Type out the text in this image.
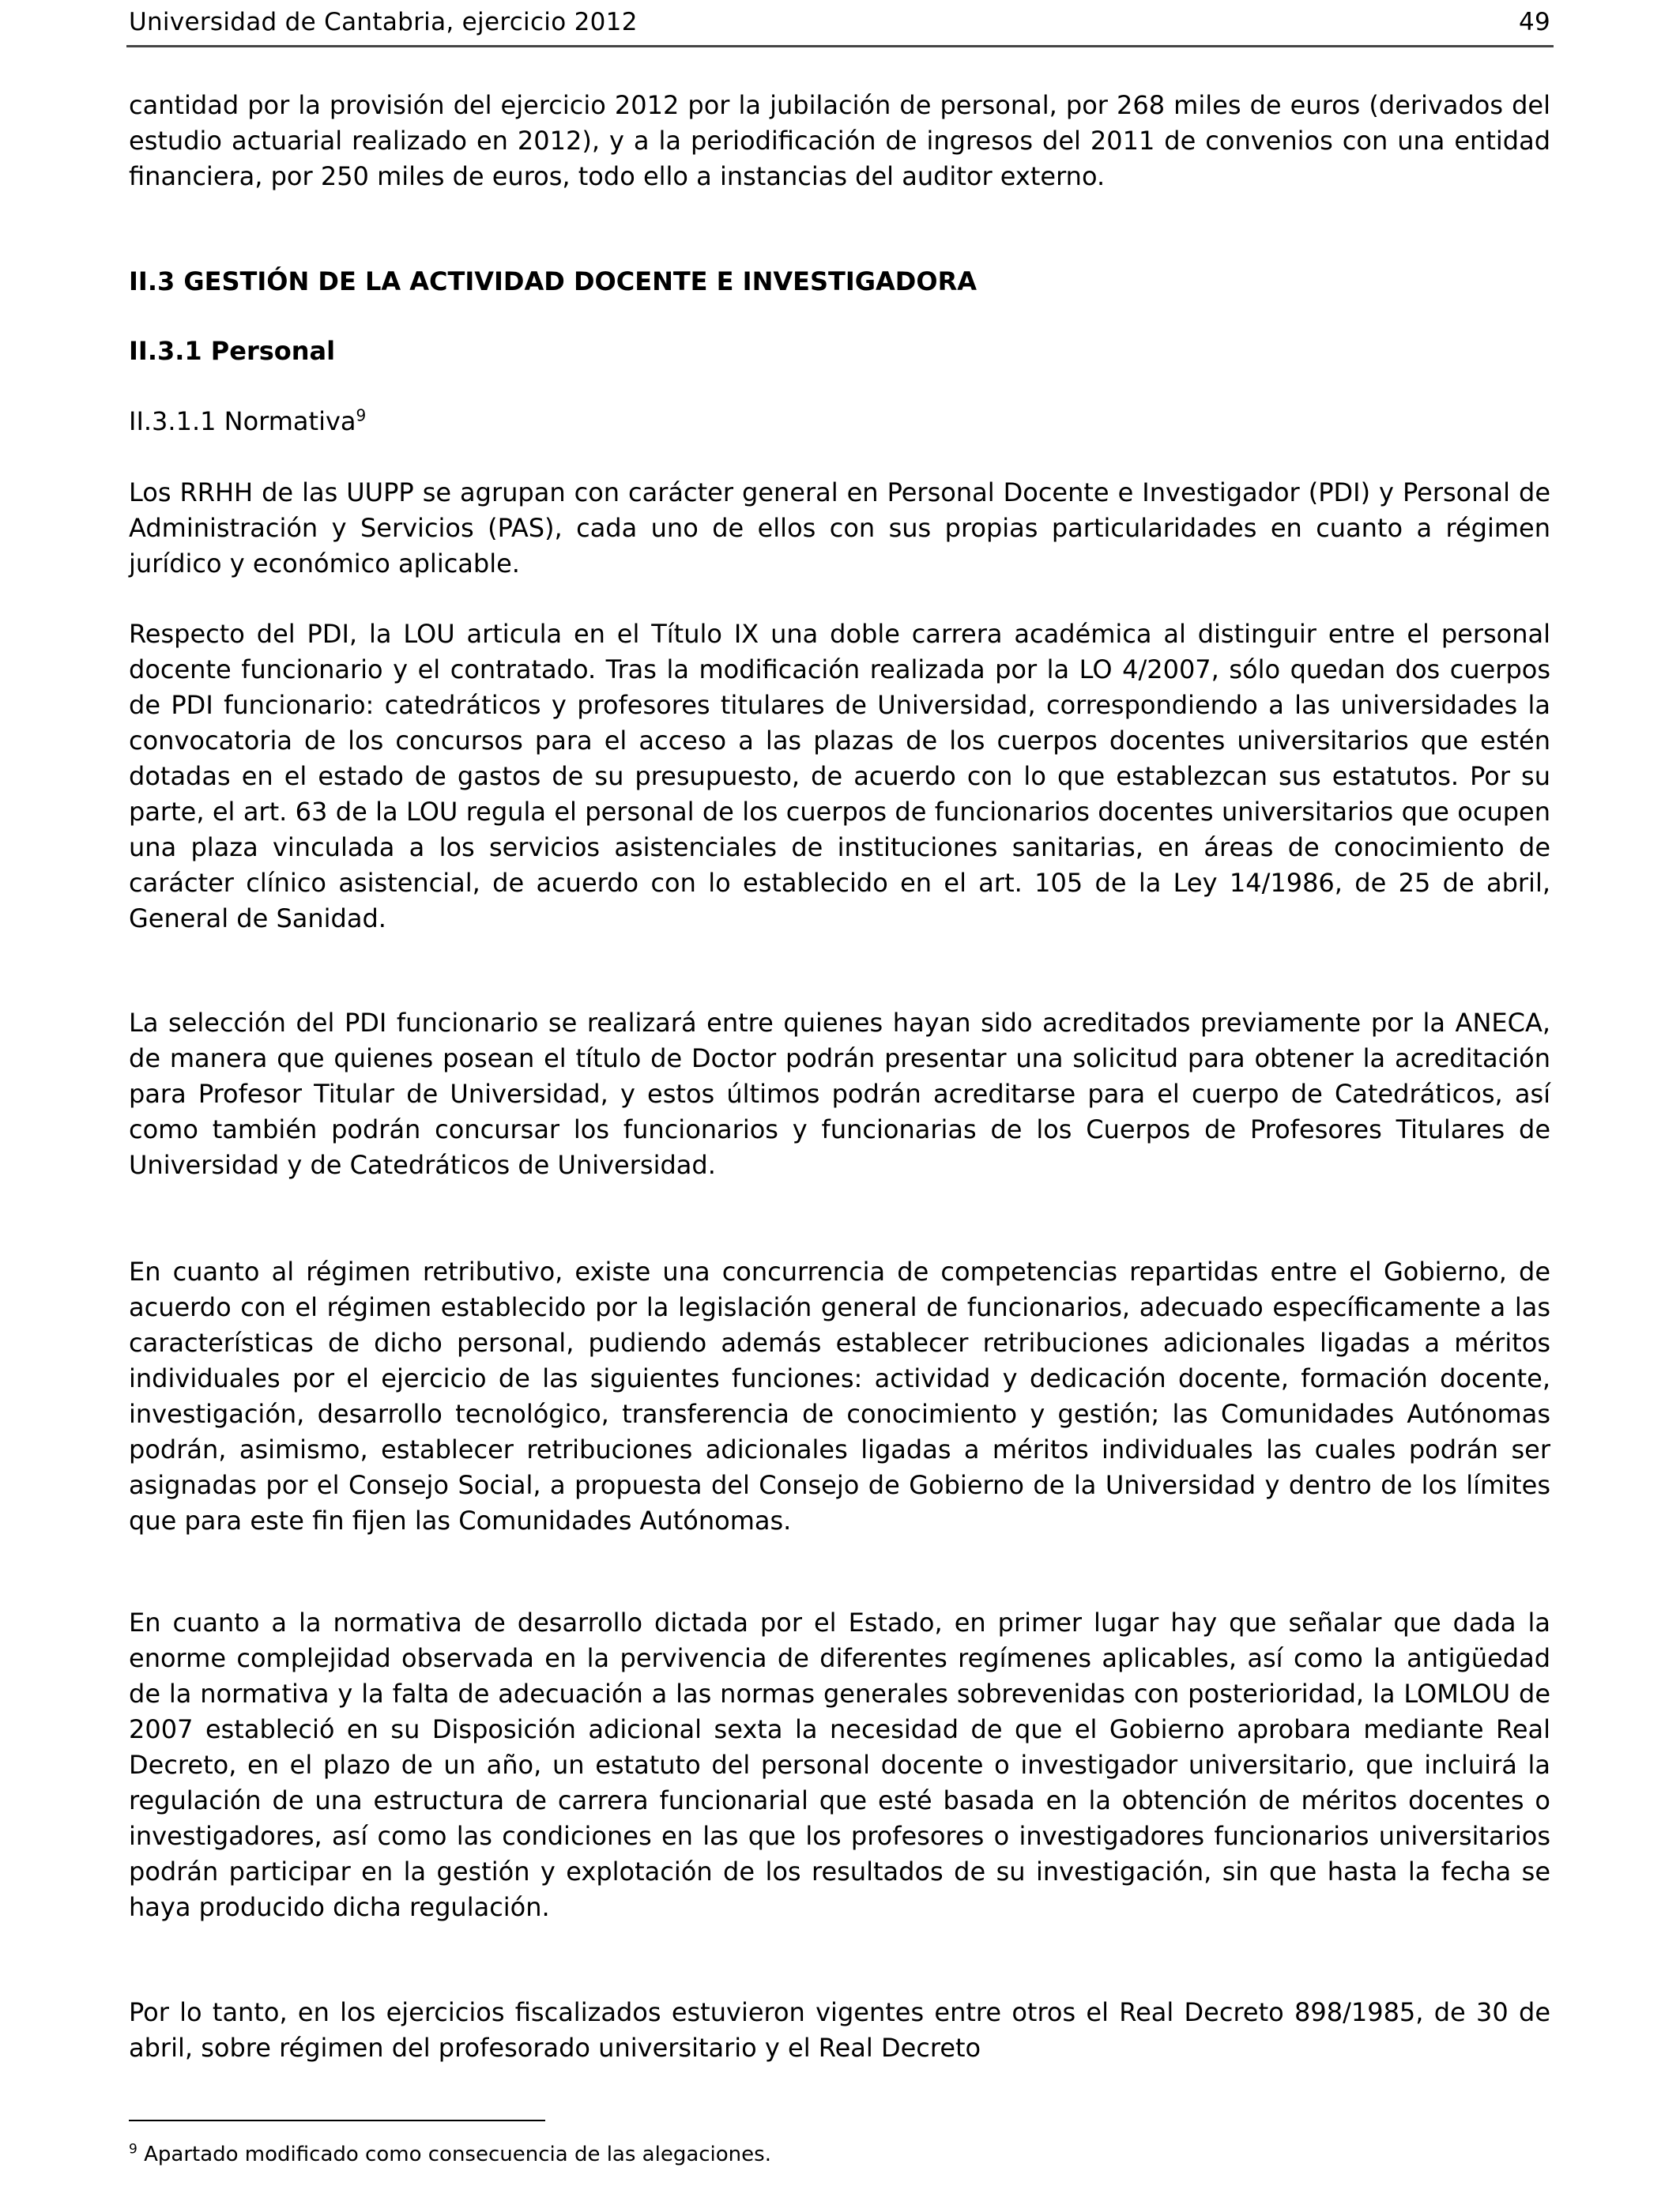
Universidad de Cantabria, ejercicio 2012	49

cantidad por la provisión del ejercicio 2012 por la jubilación de personal, por 268 miles de euros (derivados del estudio actuarial realizado en 2012), y a la periodificación de ingresos del 2011 de convenios con una entidad financiera, por 250 miles de euros, todo ello a instancias del auditor externo.

II.3 GESTIÓN DE LA ACTIVIDAD DOCENTE E INVESTIGADORA

II.3.1 Personal

II.3.1.1 Normativa$^9$

Los RRHH de las UUPP se agrupan con carácter general en Personal Docente e Investigador (PDI) y Personal de Administración y Servicios (PAS), cada uno de ellos con sus propias particularidades en cuanto a régimen jurídico y económico aplicable.

Respecto del PDI, la LOU articula en el Título IX una doble carrera académica al distinguir entre el personal docente funcionario y el contratado. Tras la modificación realizada por la LO 4/2007, sólo quedan dos cuerpos de PDI funcionario: catedráticos y profesores titulares de Universidad, correspondiendo a las universidades la convocatoria de los concursos para el acceso a las plazas de los cuerpos docentes universitarios que estén dotadas en el estado de gastos de su presupuesto, de acuerdo con lo que establezcan sus estatutos. Por su parte, el art. 63 de la LOU regula el personal de los cuerpos de funcionarios docentes universitarios que ocupen una plaza vinculada a los servicios asistenciales de instituciones sanitarias, en áreas de conocimiento de carácter clínico asistencial, de acuerdo con lo establecido en el art. 105 de la Ley 14/1986, de 25 de abril, General de Sanidad.

La selección del PDI funcionario se realizará entre quienes hayan sido acreditados previamente por la ANECA, de manera que quienes posean el título de Doctor podrán presentar una solicitud para obtener la acreditación para Profesor Titular de Universidad, y estos últimos podrán acreditarse para el cuerpo de Catedráticos, así como también podrán concursar los funcionarios y funcionarias de los Cuerpos de Profesores Titulares de Universidad y de Catedráticos de Universidad.

En cuanto al régimen retributivo, existe una concurrencia de competencias repartidas entre el Gobierno, de acuerdo con el régimen establecido por la legislación general de funcionarios, adecuado específicamente a las características de dicho personal, pudiendo además establecer retribuciones adicionales ligadas a méritos individuales por el ejercicio de las siguientes funciones: actividad y dedicación docente, formación docente, investigación, desarrollo tecnológico, transferencia de conocimiento y gestión; las Comunidades Autónomas podrán, asimismo, establecer retribuciones adicionales ligadas a méritos individuales las cuales podrán ser asignadas por el Consejo Social, a propuesta del Consejo de Gobierno de la Universidad y dentro de los límites que para este fin fijen las Comunidades Autónomas.

En cuanto a la normativa de desarrollo dictada por el Estado, en primer lugar hay que señalar que dada la enorme complejidad observada en la pervivencia de diferentes regímenes aplicables, así como la antigüedad de la normativa y la falta de adecuación a las normas generales sobrevenidas con posterioridad, la LOMLOU de 2007 estableció en su Disposición adicional sexta la necesidad de que el Gobierno aprobara mediante Real Decreto, en el plazo de un año, un estatuto del personal docente o investigador universitario, que incluirá la regulación de una estructura de carrera funcionarial que esté basada en la obtención de méritos docentes o investigadores, así como las condiciones en las que los profesores o investigadores funcionarios universitarios podrán participar en la gestión y explotación de los resultados de su investigación, sin que hasta la fecha se haya producido dicha regulación.

Por lo tanto, en los ejercicios fiscalizados estuvieron vigentes entre otros el Real Decreto 898/1985, de 30 de abril, sobre régimen del profesorado universitario y el Real Decreto

$^9$ Apartado modificado como consecuencia de las alegaciones.
